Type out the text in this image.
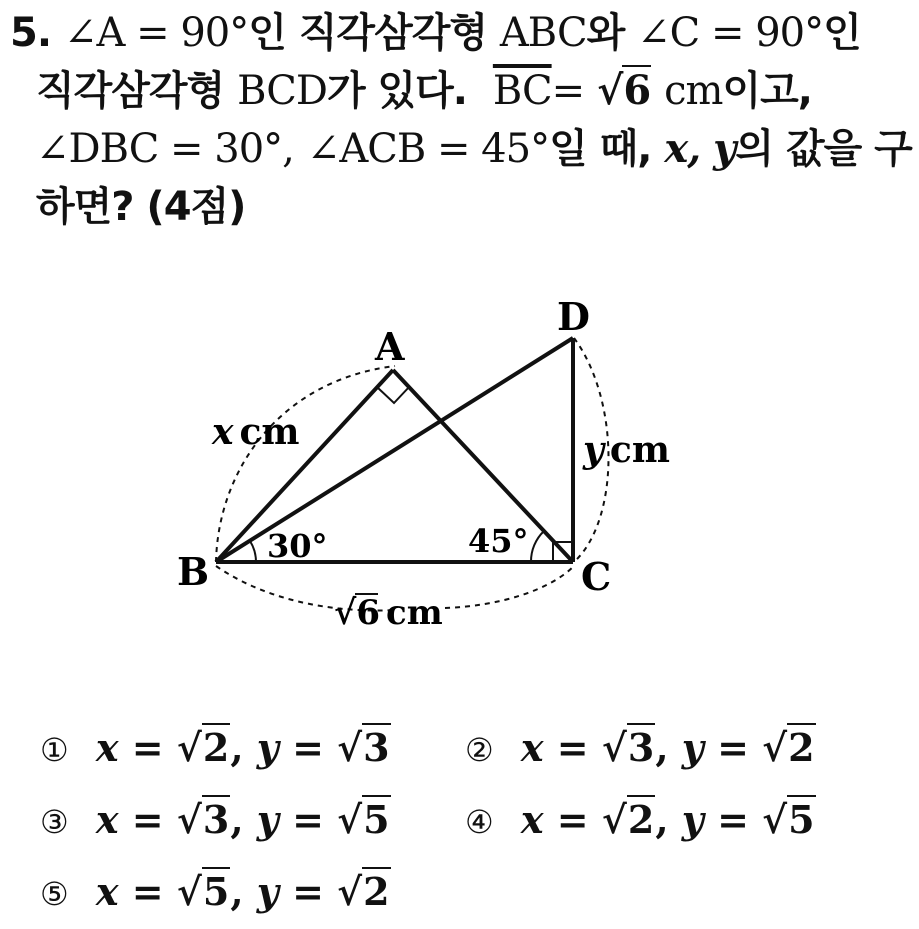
5. ∠A = 90°인 직각삼각형 ABC와 ∠C = 90°인
직각삼각형 BCD가 있다. $\overline{BC}= √6$ cm이고,
∠DBC = 30°, ∠ACB = 45°일 때, x, y의 값을 구
하면? (4점)
A
B	C
D
x cm	y cm
30°	45°
√6 cm
① x = √2, y = √3 ② x = √3, y = √2
③ x = √3, y = √5 ④ x = √2, y = √5
⑤ x = √5, y = √2
